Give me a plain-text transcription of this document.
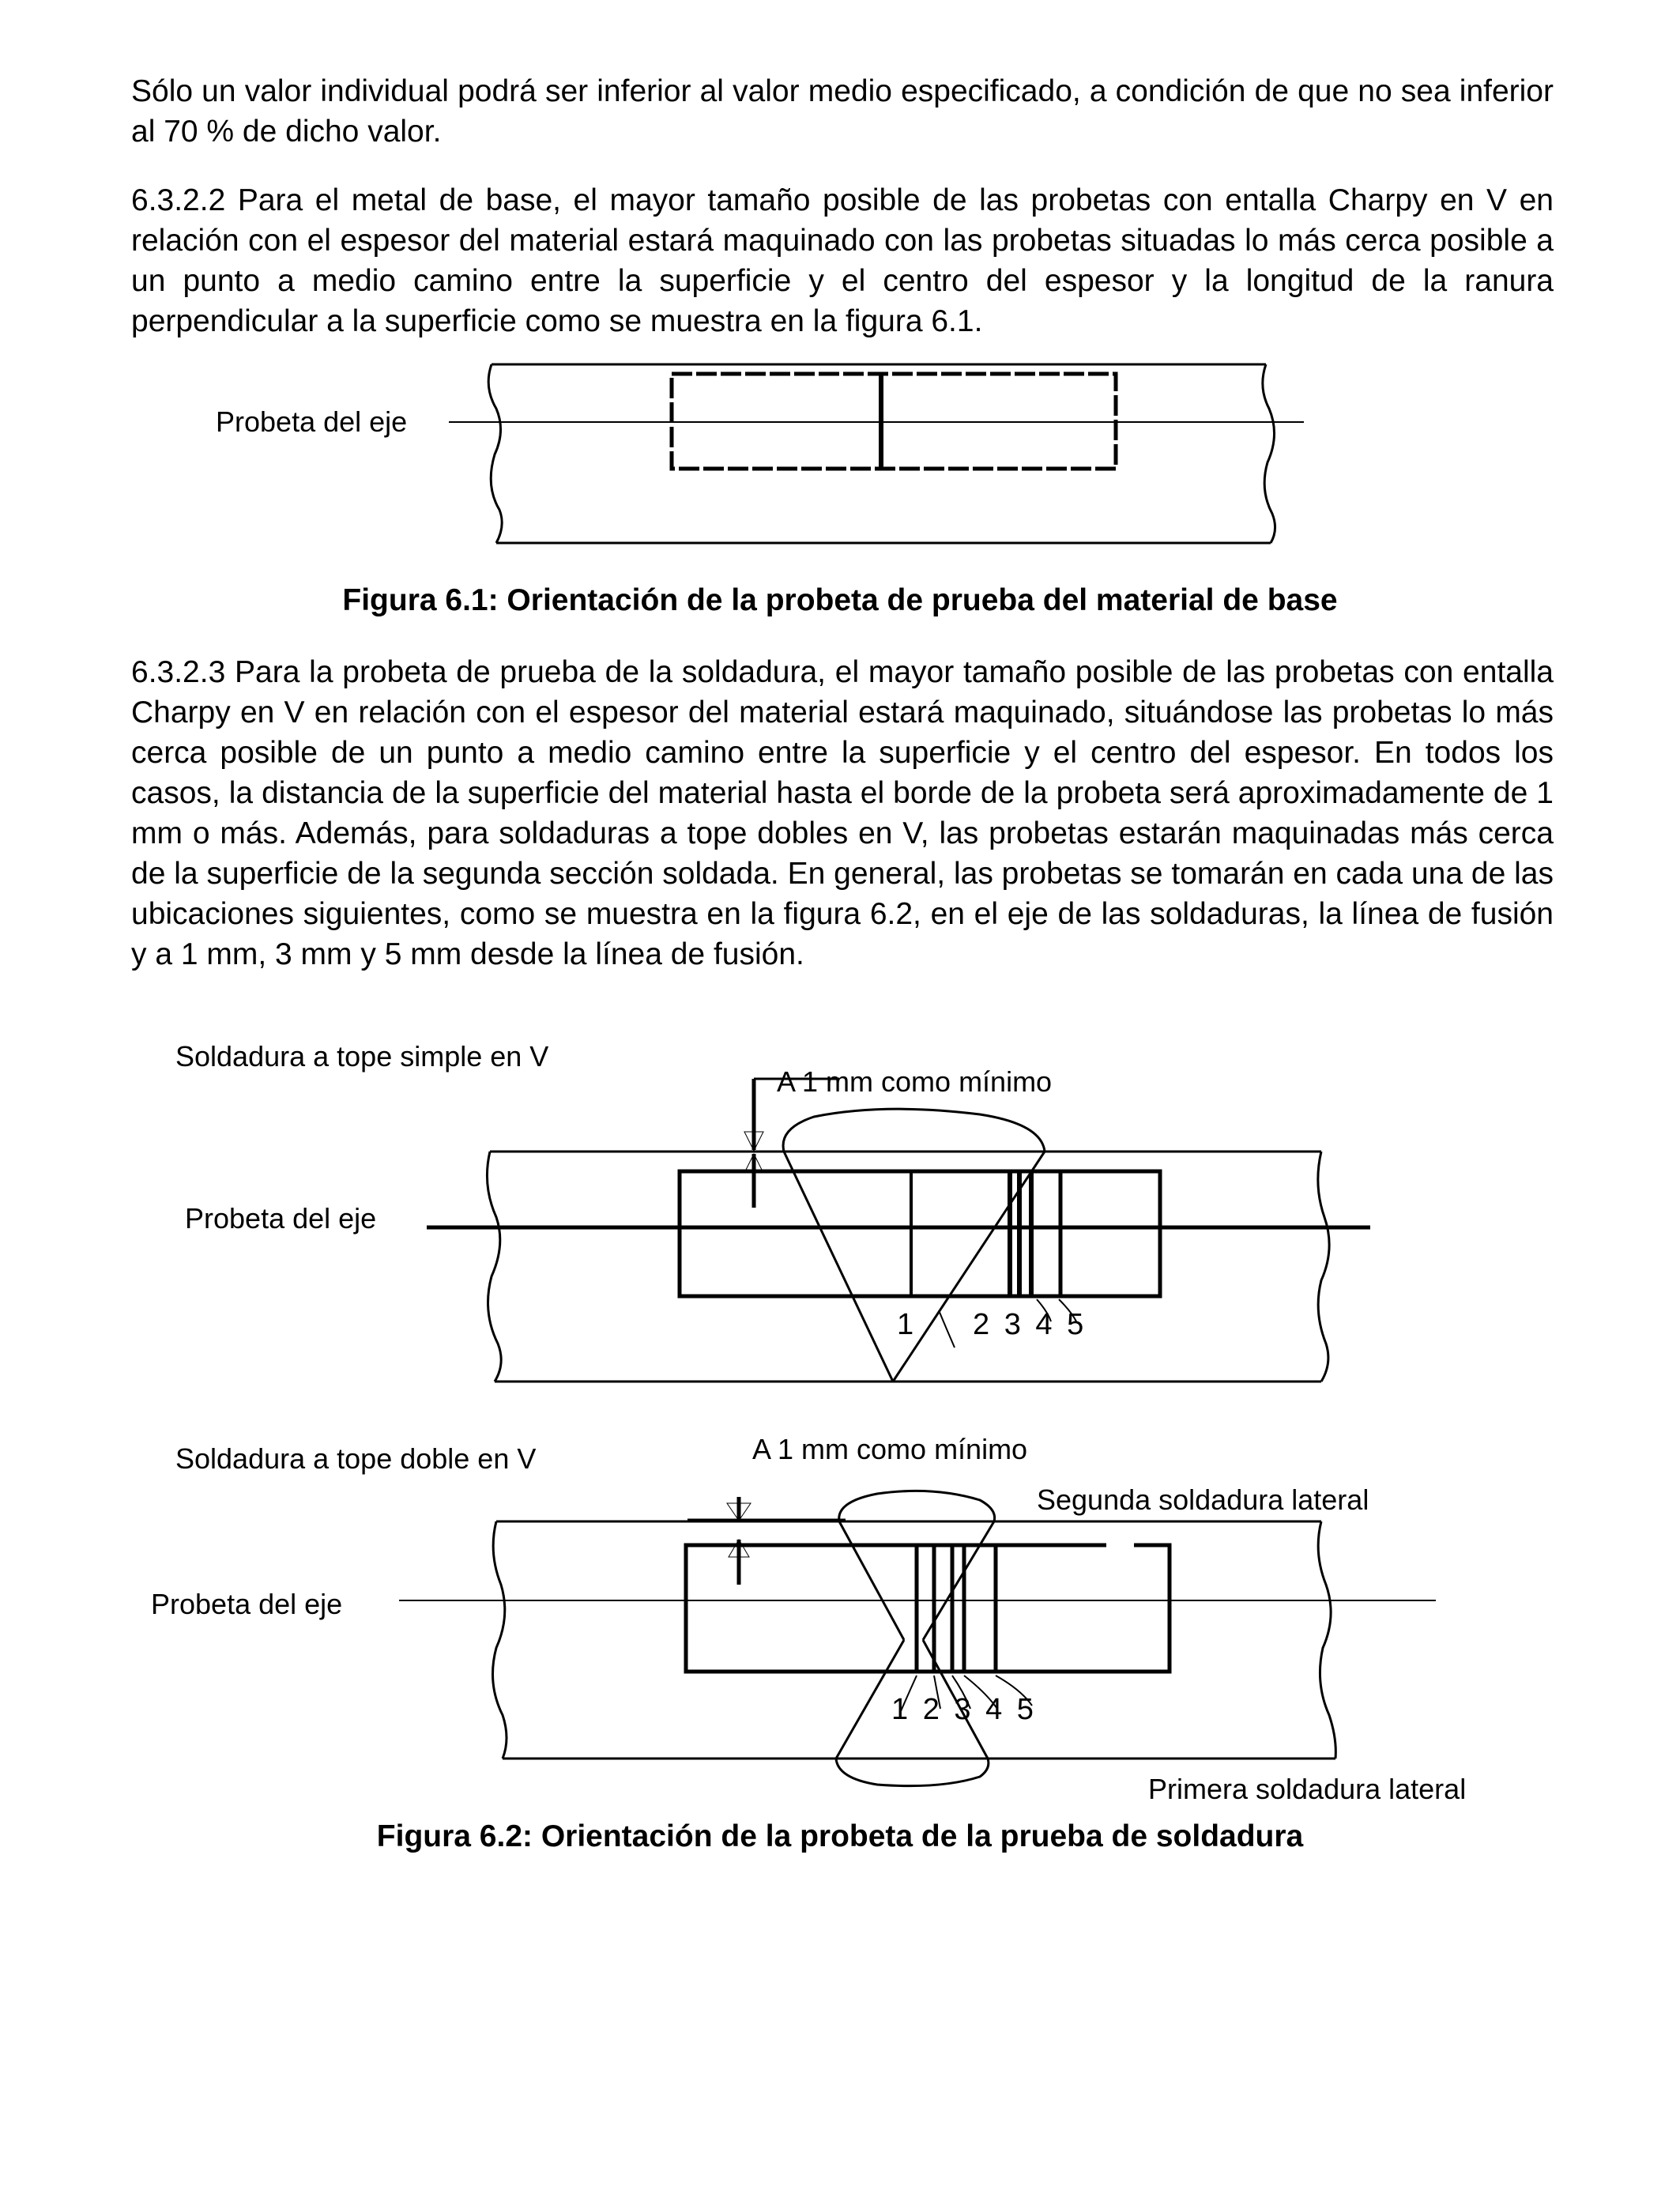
Sólo un valor individual podrá ser inferior al valor medio especificado, a condición de que no sea inferior al 70 % de dicho valor.

6.3.2.2 Para el metal de base, el mayor tamaño posible de las probetas con entalla Charpy en V en relación con el espesor del material estará maquinado con las probetas situadas lo más cerca posible a un punto a medio camino entre la superficie y el centro del espesor y la longitud de la ranura perpendicular a la superficie como se muestra en la figura 6.1.

Probeta del eje

Figura 6.1: Orientación de la probeta de prueba del material de base

6.3.2.3 Para la probeta de prueba de la soldadura, el mayor tamaño posible de las probetas con entalla Charpy en V en relación con el espesor del material estará maquinado, situándose las probetas lo más cerca posible de un punto a medio camino entre la superficie y el centro del espesor. En todos los casos, la distancia de la superficie del material hasta el borde de la probeta será aproximadamente de 1 mm o más. Además, para soldaduras a tope dobles en V, las probetas estarán maquinadas más cerca de la superficie de la segunda sección soldada. En general, las probetas se tomarán en cada una de las ubicaciones siguientes, como se muestra en la figura 6.2, en el eje de las soldaduras, la línea de fusión y a 1 mm, 3 mm y 5 mm desde la línea de fusión.

Soldadura a tope simple en V
A 1 mm como mínimo
Probeta del eje
1 2 3 4 5
Soldadura a tope doble en V	A 1 mm como mínimo
Segunda soldadura lateral
Probeta del eje
1 2 3 4 5
Primera soldadura lateral

Figura 6.2: Orientación de la probeta de la prueba de soldadura
